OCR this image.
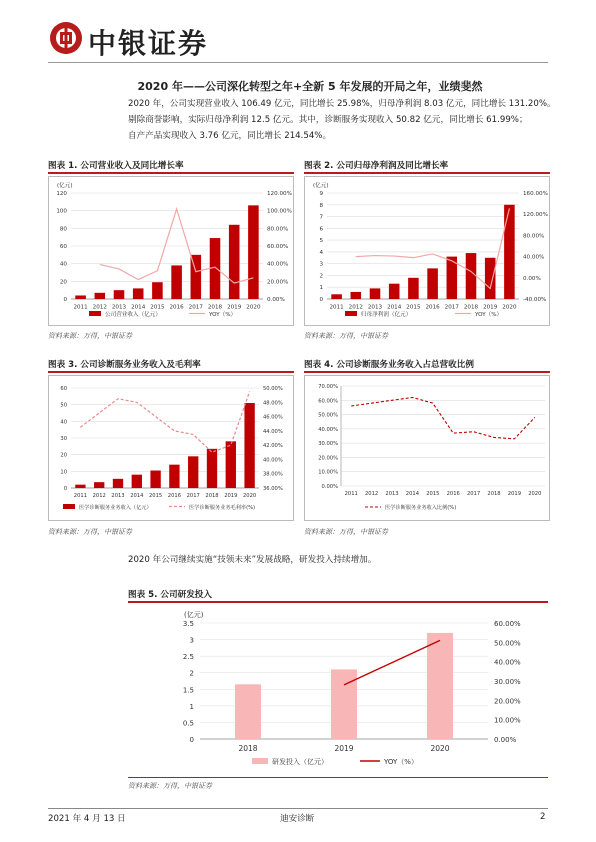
中银证券
2020 年——公司深化转型之年+全新 5 年发展的开局之年，业绩斐然
2020 年，公司实现营业收入 106.49 亿元，同比增长 25.98%，归母净利润 8.03 亿元，同比增长 131.20%。
剔除商誉影响，实际归母净利润 12.5 亿元。其中，诊断服务实现收入 50.82 亿元，同比增长 61.99%；
自产产品实现收入 3.76 亿元，同比增长 214.54%。
图表 1. 公司营业收入及同比增长率
0
20
40
60
80
100
120
0.00%
20.00%
40.00%
60.00%
80.00%
100.00%
120.00%
(亿元)
2011 2012 2013 2014 2015 2016 2017 2018 2019 2020
公司营业收入（亿元）	YOY（%）
资料来源：万得，中银证券
图表 2. 公司归母净利润及同比增长率
0
1
2
3
4
5
6
7
8
9
-40.00%
0.00%
40.00%
80.00%
120.00%
160.00%
(亿元)
2011 2012 2013 2014 2015 2016 2017 2018 2019 2020
归母净利润（亿元）	YOY（%）
资料来源：万得，中银证券
图表 3. 公司诊断服务业务收入及毛利率
0
10
20
30
40
50
60
36.00%
38.00%
40.00%
42.00%
44.00%
46.00%
48.00%
50.00%
2011 2012 2013 2014 2015 2016 2017 2018 2019 2020
医学诊断服务业务收入（亿元）	医学诊断服务业务毛利率(%)
资料来源：万得，中银证券
图表 4. 公司诊断服务业务收入占总营收比例
0.00%
10.00%
20.00%
30.00%
40.00%
50.00%
60.00%
70.00%
2011 2012 2013 2014 2015 2016 2017 2018 2019 2020
医学诊断服务业务收入比例(%)
资料来源：万得，中银证券
2020 年公司继续实施“技领未来”发展战略，研发投入持续增加。
图表 5. 公司研发投入
0
0.5
1
1.5
2
2.5
3
3.5
0.00%
10.00%
20.00%
30.00%
40.00%
50.00%
60.00%
(亿元)
2018	2019	2020
研发投入（亿元）	YOY（%）
资料来源：万得，中银证券
2021 年 4 月 13 日	迪安诊断	2
